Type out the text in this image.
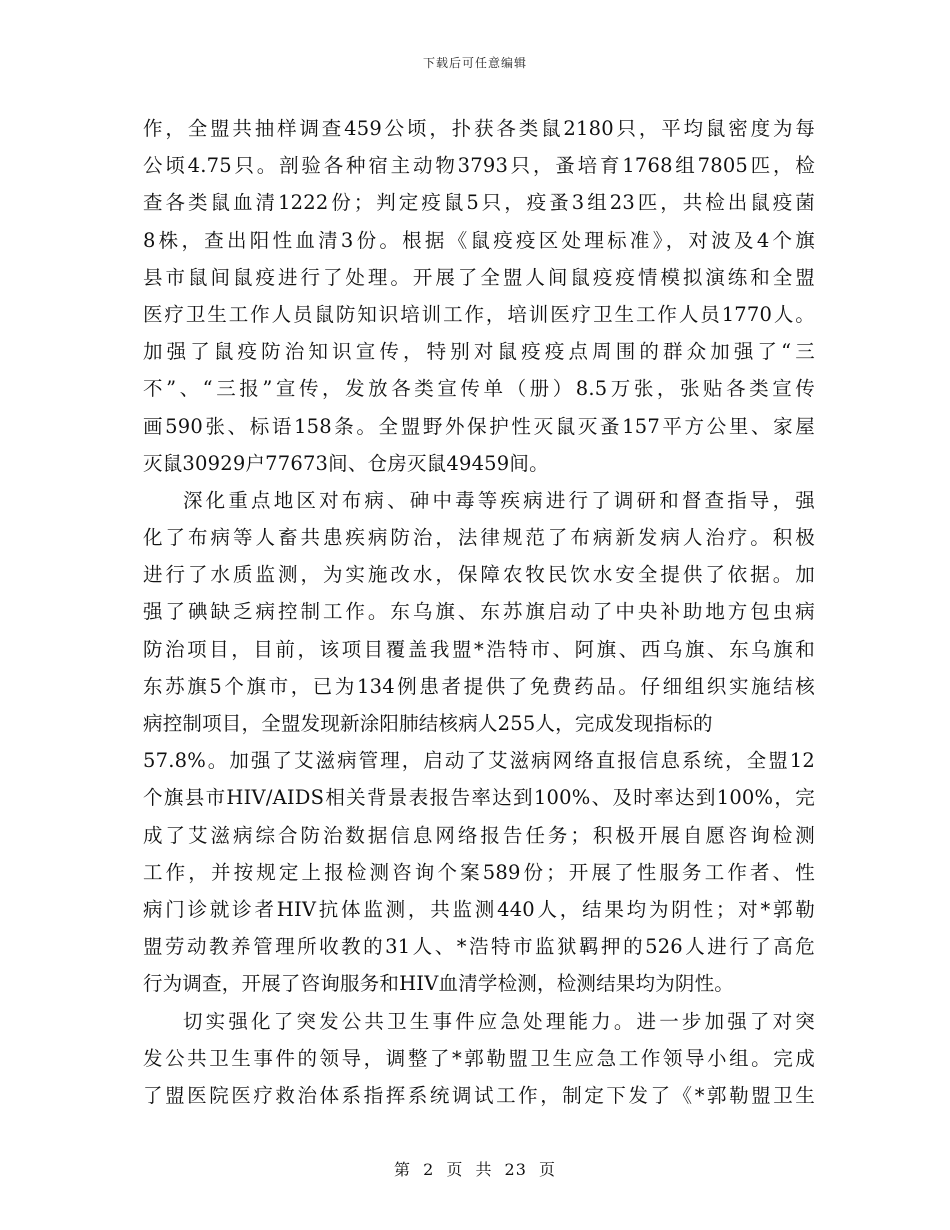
下载后可任意编辑
作，全盟共抽样调查459公顷，扑获各类鼠2180只，平均鼠密度为每
公顷4.75只。剖验各种宿主动物3793只，蚤培育1768组7805匹，检
查各类鼠血清1222份；判定疫鼠5只，疫蚤3组23匹，共检出鼠疫菌
8株，查出阳性血清3份。根据《鼠疫疫区处理标准》，对波及4个旗
县市鼠间鼠疫进行了处理。开展了全盟人间鼠疫疫情模拟演练和全盟
医疗卫生工作人员鼠防知识培训工作，培训医疗卫生工作人员1770人。
加强了鼠疫防治知识宣传，特别对鼠疫疫点周围的群众加强了“三
不”、“三报”宣传，发放各类宣传单（册）8.5万张，张贴各类宣传
画590张、标语158条。全盟野外保护性灭鼠灭蚤157平方公里、家屋
灭鼠30929户77673间、仓房灭鼠49459间。
深化重点地区对布病、砷中毒等疾病进行了调研和督查指导，强
化了布病等人畜共患疾病防治，法律规范了布病新发病人治疗。积极
进行了水质监测，为实施改水，保障农牧民饮水安全提供了依据。加
强了碘缺乏病控制工作。东乌旗、东苏旗启动了中央补助地方包虫病
防治项目，目前，该项目覆盖我盟*浩特市、阿旗、西乌旗、东乌旗和
东苏旗5个旗市，已为134例患者提供了免费药品。仔细组织实施结核
病控制项目，全盟发现新涂阳肺结核病人255人，完成发现指标的
57.8%。加强了艾滋病管理，启动了艾滋病网络直报信息系统，全盟12
个旗县市HIV/AIDS相关背景表报告率达到100%、及时率达到100%，完
成了艾滋病综合防治数据信息网络报告任务；积极开展自愿咨询检测
工作，并按规定上报检测咨询个案589份；开展了性服务工作者、性
病门诊就诊者HIV抗体监测，共监测440人，结果均为阴性；对*郭勒
盟劳动教养管理所收教的31人、*浩特市监狱羁押的526人进行了高危
行为调查，开展了咨询服务和HIV血清学检测，检测结果均为阴性。
切实强化了突发公共卫生事件应急处理能力。进一步加强了对突
发公共卫生事件的领导，调整了*郭勒盟卫生应急工作领导小组。完成
了盟医院医疗救治体系指挥系统调试工作，制定下发了《*郭勒盟卫生
第 2 页 共 23 页
